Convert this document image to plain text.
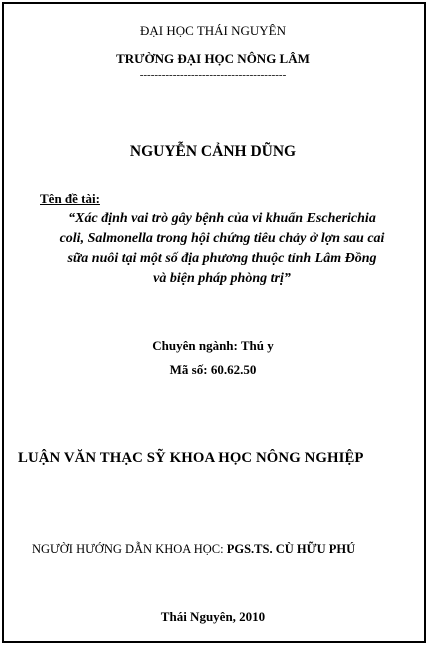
ĐẠI HỌC THÁI NGUYÊN
TRƯỜNG ĐẠI HỌC NÔNG LÂM
----------------------------------------
NGUYỄN CẢNH DŨNG
Tên đề tài:
“Xác định vai trò gây bệnh của vi khuẩn Escherichia
coli, Salmonella trong hội chứng tiêu chảy ở lợn sau cai
sữa nuôi tại một số địa phương thuộc tỉnh Lâm Đồng
và biện pháp phòng trị”
Chuyên ngành: Thú y
Mã số: 60.62.50
LUẬN VĂN THẠC SỸ KHOA HỌC NÔNG NGHIỆP
NGƯỜI HƯỚNG DẪN KHOA HỌC: PGS.TS. CÙ HỮU PHÚ
Thái Nguyên, 2010
